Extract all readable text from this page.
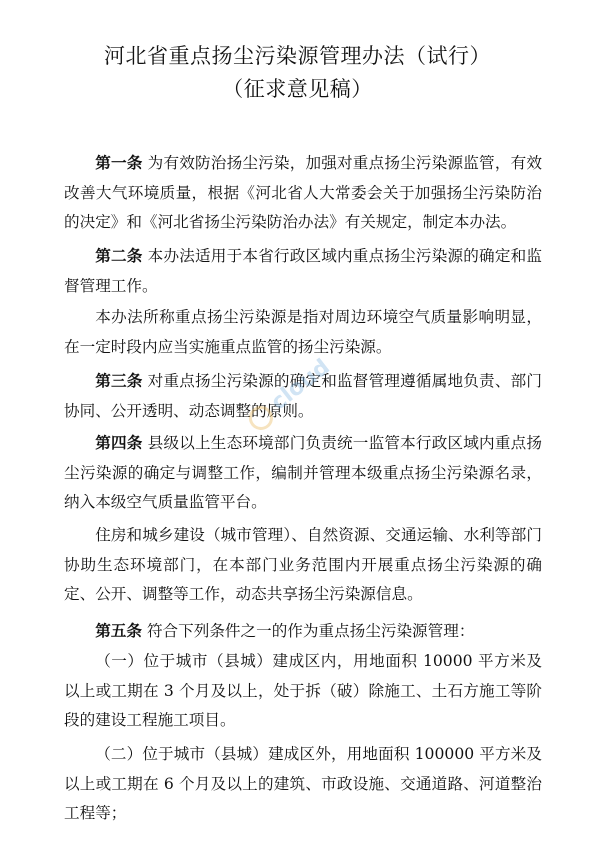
河北省重点扬尘污染源管理办法（试行）
（征求意见稿）

第一条 为有效防治扬尘污染，加强对重点扬尘污染源监管，有效改善大气环境质量，根据《河北省人大常委会关于加强扬尘污染防治的决定》和《河北省扬尘污染防治办法》有关规定，制定本办法。

第二条 本办法适用于本省行政区域内重点扬尘污染源的确定和监督管理工作。

本办法所称重点扬尘污染源是指对周边环境空气质量影响明显，在一定时段内应当实施重点监管的扬尘污染源。

第三条 对重点扬尘污染源的确定和监督管理遵循属地负责、部门协同、公开透明、动态调整的原则。

第四条 县级以上生态环境部门负责统一监管本行政区域内重点扬尘污染源的确定与调整工作，编制并管理本级重点扬尘污染源名录，纳入本级空气质量监管平台。

住房和城乡建设（城市管理）、自然资源、交通运输、水利等部门协助生态环境部门，在本部门业务范围内开展重点扬尘污染源的确定、公开、调整等工作，动态共享扬尘污染源信息。

第五条 符合下列条件之一的作为重点扬尘污染源管理：

（一）位于城市（县城）建成区内，用地面积 10000 平方米及以上或工期在 3 个月及以上，处于拆（破）除施工、土石方施工等阶段的建设工程施工项目。

（二）位于城市（县城）建成区外，用地面积 100000 平方米及以上或工期在 6 个月及以上的建筑、市政设施、交通道路、河道整治工程等；

cloud
